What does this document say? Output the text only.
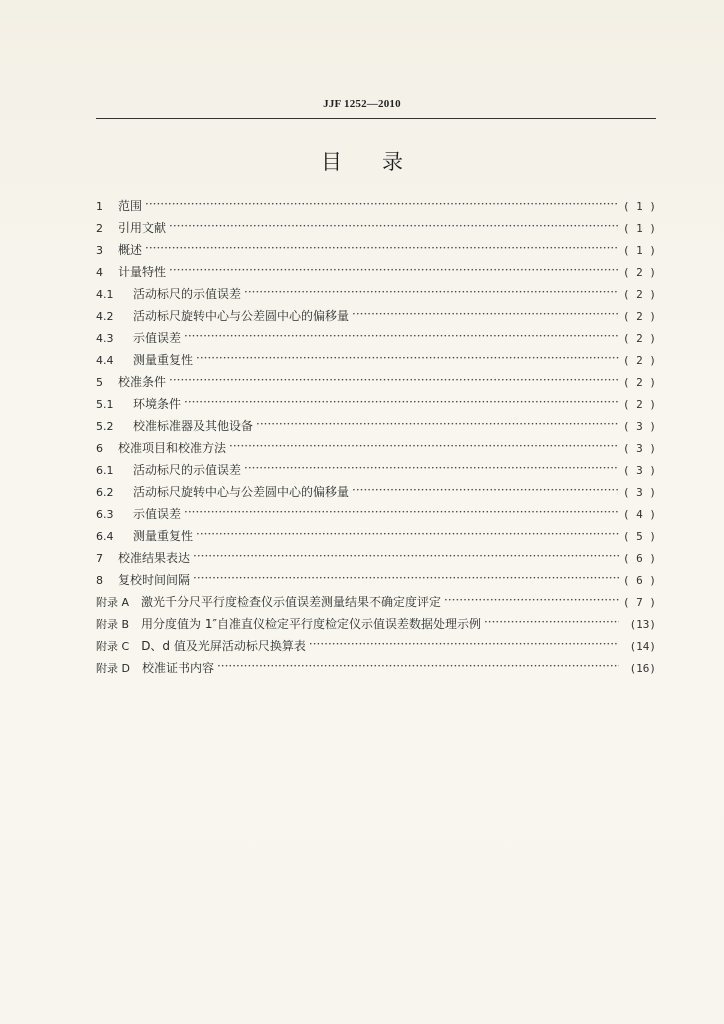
JJF 1252—2010
目录
1	范围 ·····	( 1 )
2	引用文献 ·····	( 1 )
3	概述 ·····	( 1 )
4	计量特性 ·····	( 2 )
4.1	活动标尺的示值误差 ·····	( 2 )
4.2	活动标尺旋转中心与公差圆中心的偏移量 ·····	( 2 )
4.3	示值误差 ·····	( 2 )
4.4	测量重复性 ·····	( 2 )
5	校准条件 ·····	( 2 )
5.1	环境条件 ·····	( 2 )
5.2	校准标准器及其他设备 ·····	( 3 )
6	校准项目和校准方法 ·····	( 3 )
6.1	活动标尺的示值误差 ·····	( 3 )
6.2	活动标尺旋转中心与公差圆中心的偏移量 ·····	( 3 )
6.3	示值误差 ·····	( 4 )
6.4	测量重复性 ·····	( 5 )
7	校准结果表达 ·····	( 6 )
8	复校时间间隔 ·····	( 6 )
附录 A 激光千分尺平行度检查仪示值误差测量结果不确定度评定 ·····	( 7 )
附录 B 用分度值为 1″自准直仪检定平行度检定仪示值误差数据处理示例 ·····	(13)
附录 C D、d 值及光屏活动标尺换算表 ·····	(14)
附录 D 校准证书内容 ·····	(16)
